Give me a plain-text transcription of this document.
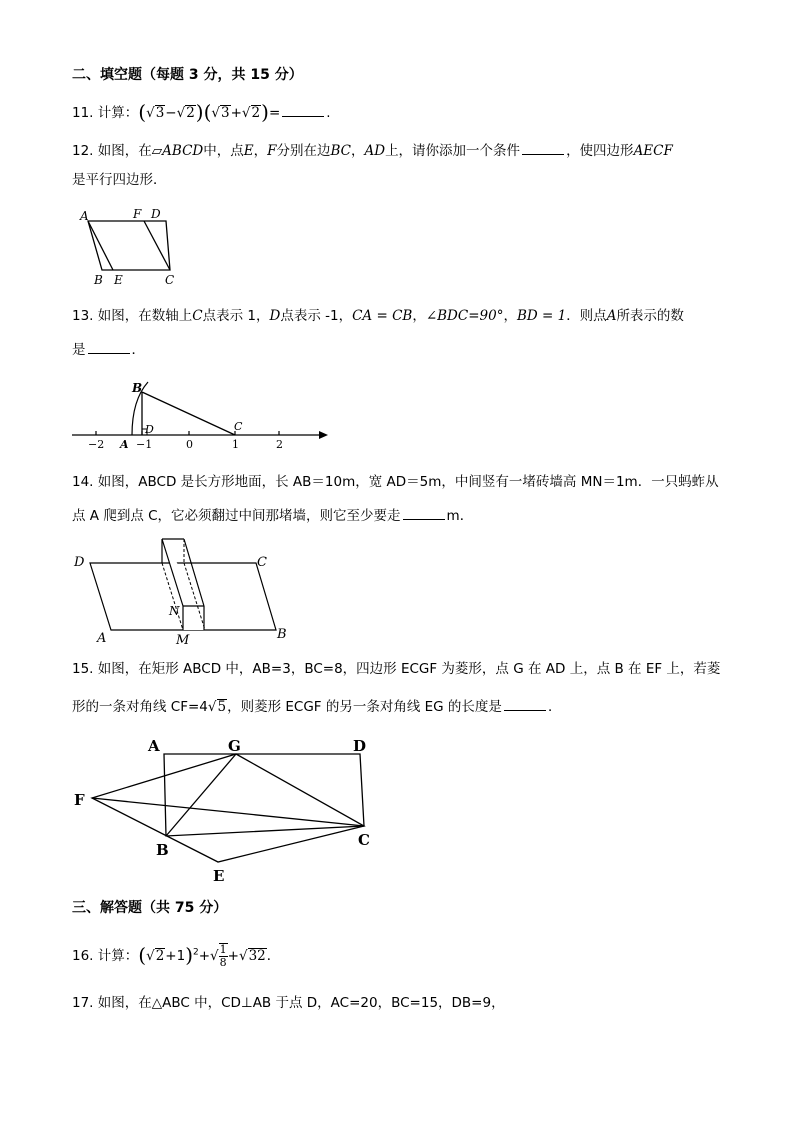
二、填空题（每题 3 分，共 15 分）
11. 计算：(√3−√2)(√3+√2)=	.
12. 如图，在▱ABCD中，点E，F分别在边BC，AD上，请你添加一个条件	，使四边形AECF
是平行四边形．
A	F D
B E	C
13. 如图，在数轴上C点表示 1，D点表示 -1，CA = CB，∠BDC=90°，BD = 1．则点A所表示的数
是	．
B
D	C
A
−2	−1	0	1	2
14. 如图，ABCD 是长方形地面，长 AB＝10m，宽 AD＝5m，中间竖有一堵砖墙高 MN＝1m．一只蚂蚱从
点 A 爬到点 C，它必须翻过中间那堵墙，则它至少要走	m．
D	C
N
A	M	B
15. 如图，在矩形 ABCD 中，AB=3，BC=8，四边形 ECGF 为菱形，点 G 在 AD 上，点 B 在 EF 上，若菱
形的一条对角线 CF=4√5，则菱形 ECGF 的另一条对角线 EG 的长度是	．
A	G	D
F
B
C
E
三、解答题（共 75 分）
16. 计算：$(√2+1)^2+√ \frac{1}{8} +√32$．
17. 如图，在△ABC 中，CD⊥AB 于点 D，AC=20，BC=15，DB=9，
